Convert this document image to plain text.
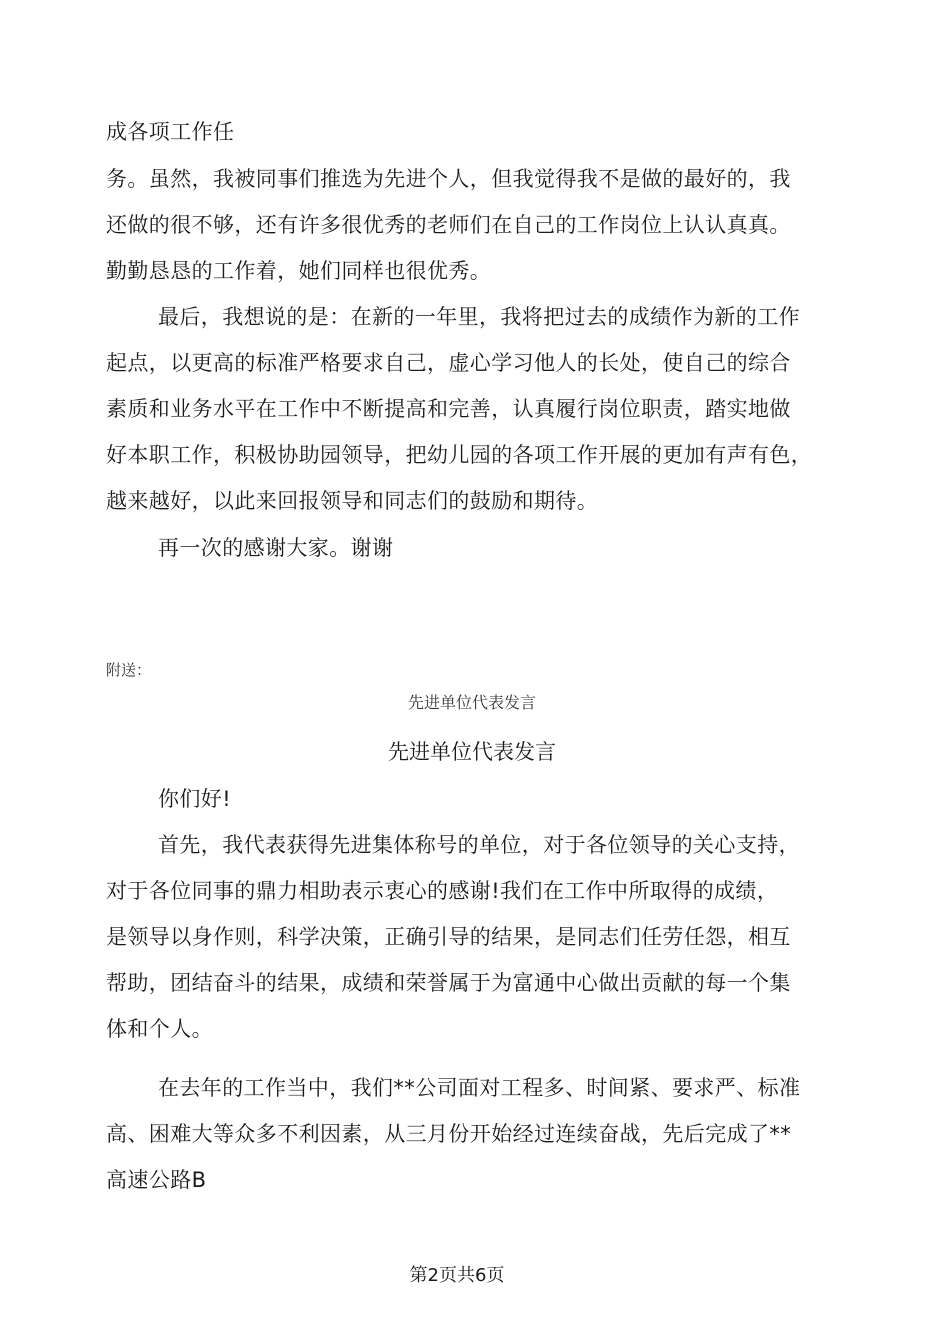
成各项工作任
务。虽然，我被同事们推选为先进个人，但我觉得我不是做的最好的，我
还做的很不够，还有许多很优秀的老师们在自己的工作岗位上认认真真。
勤勤恳恳的工作着，她们同样也很优秀。
最后，我想说的是：在新的一年里，我将把过去的成绩作为新的工作
起点，以更高的标准严格要求自己，虚心学习他人的长处，使自己的综合
素质和业务水平在工作中不断提高和完善，认真履行岗位职责，踏实地做
好本职工作，积极协助园领导，把幼儿园的各项工作开展的更加有声有色，
越来越好，以此来回报领导和同志们的鼓励和期待。
再一次的感谢大家。谢谢
附送：
先进单位代表发言
先进单位代表发言
你们好!
首先，我代表获得先进集体称号的单位，对于各位领导的关心支持，
对于各位同事的鼎力相助表示衷心的感谢!我们在工作中所取得的成绩，
是领导以身作则，科学决策，正确引导的结果，是同志们任劳任怨，相互
帮助，团结奋斗的结果，成绩和荣誉属于为富通中心做出贡献的每一个集
体和个人。
在去年的工作当中，我们**公司面对工程多、时间紧、要求严、标准
高、困难大等众多不利因素，从三月份开始经过连续奋战，先后完成了**
高速公路B
第2页共6页
